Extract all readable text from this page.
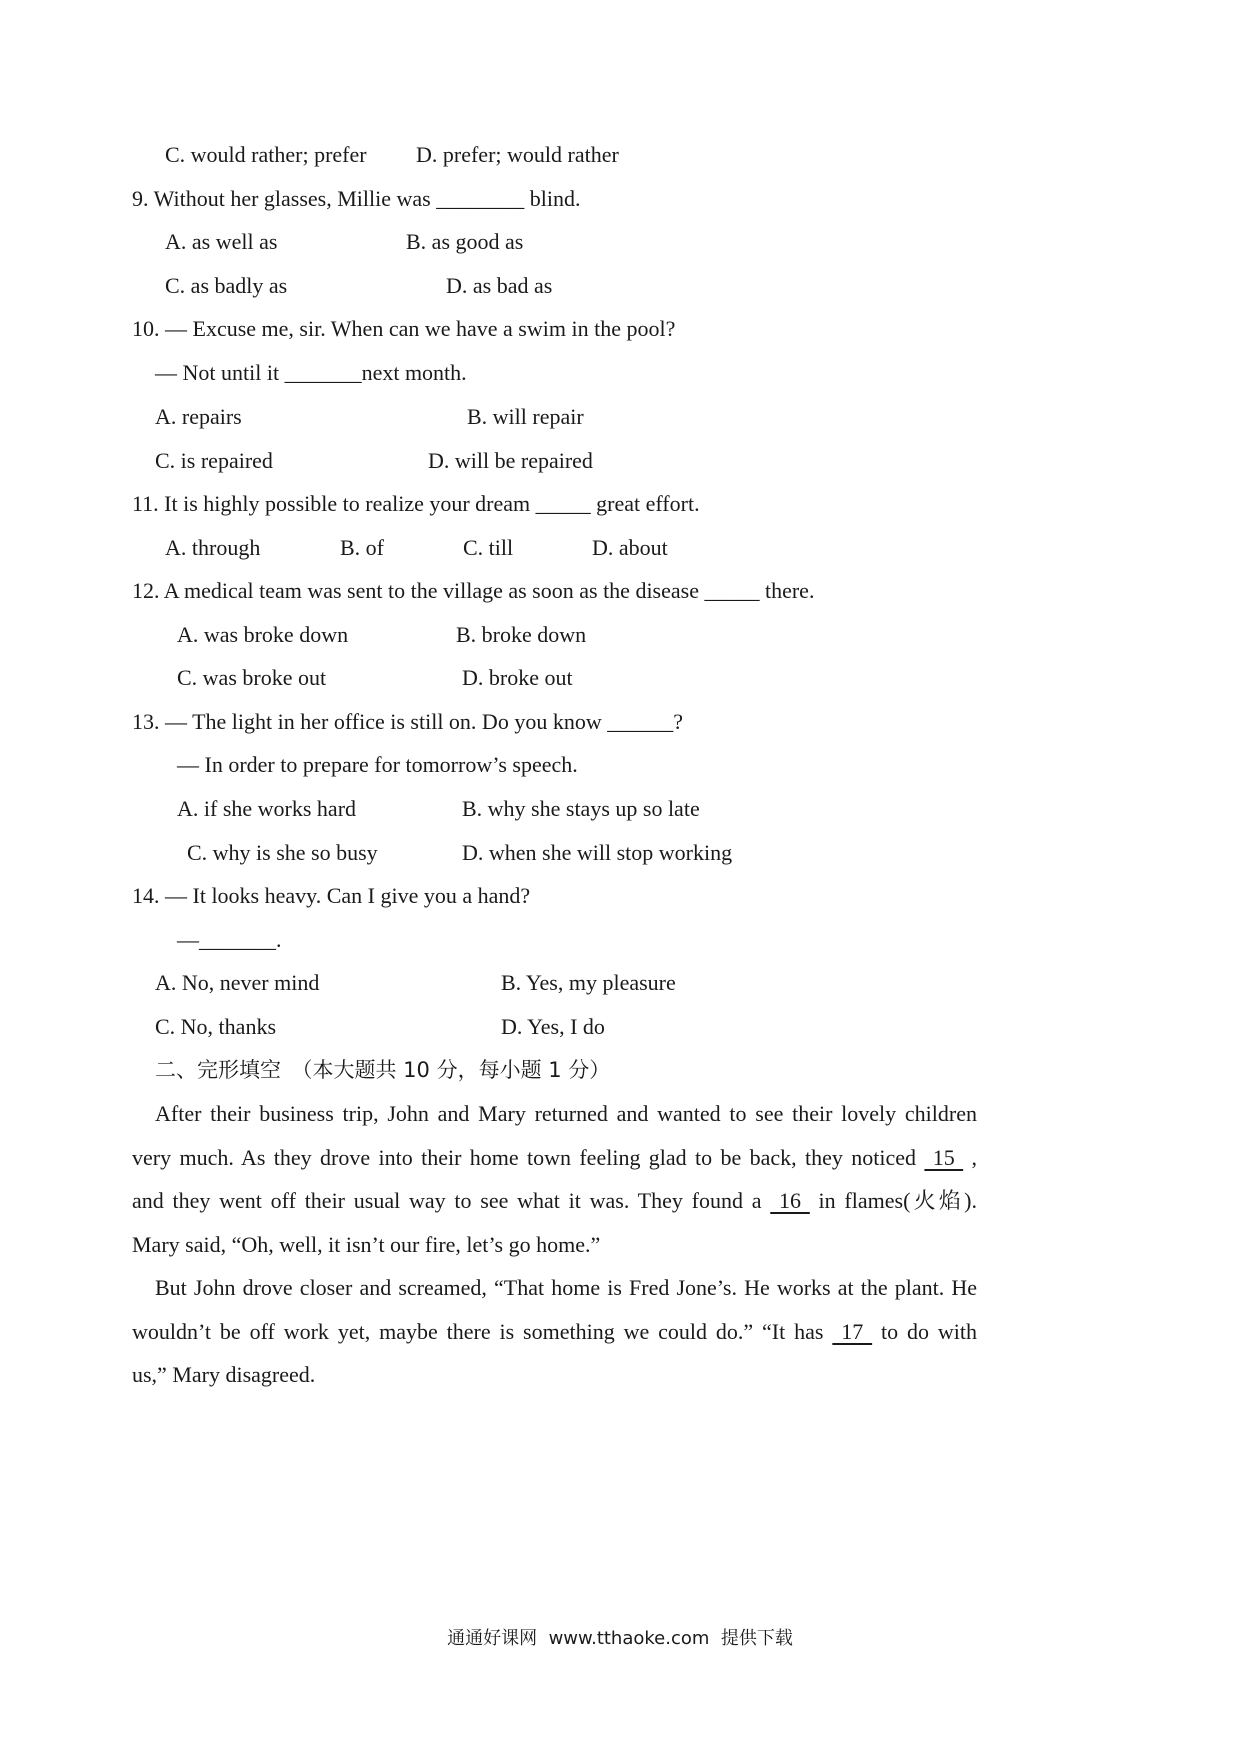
C. would rather; prefer D. prefer; would rather
9. Without her glasses, Millie was ________ blind.
A. as well as	B. as good as
C. as badly as	D. as bad as
10. — Excuse me, sir. When can we have a swim in the pool?
— Not until it _______next month.
A. repairs	B. will repair
C. is repaired	D. will be repaired
11. It is highly possible to realize your dream _____ great effort.
A. through	B. of	C. till	D. about
12. A medical team was sent to the village as soon as the disease _____ there.
A. was broke down	B. broke down
C. was broke out	D. broke out
13. — The light in her office is still on. Do you know ______?
— In order to prepare for tomorrow’s speech.
A. if she works hard	B. why she stays up so late
C. why is she so busy	D. when she will stop working
14. — It looks heavy. Can I give you a hand?
—_______.
A. No, never mind	B. Yes, my pleasure
C. No, thanks	D. Yes, I do
二、完形填空　（本大题共 10 分，每小题 1 分）
After their business trip, John and Mary returned and wanted to see their lovely children
very much. As they drove into their home town feeling glad to be back, they noticed  15  ,
and they went off their usual way to see what it was. They found a  16  in flames(火焰).
Mary said, “Oh, well, it isn’t our fire, let’s go home.”
But John drove closer and screamed, “That home is Fred Jone’s. He works at the plant. He
wouldn’t be off work yet, maybe there is something we could do.” “It has  17  to do with
us,” Mary disagreed.
通通好课网  www.tthaoke.com  提供下载
